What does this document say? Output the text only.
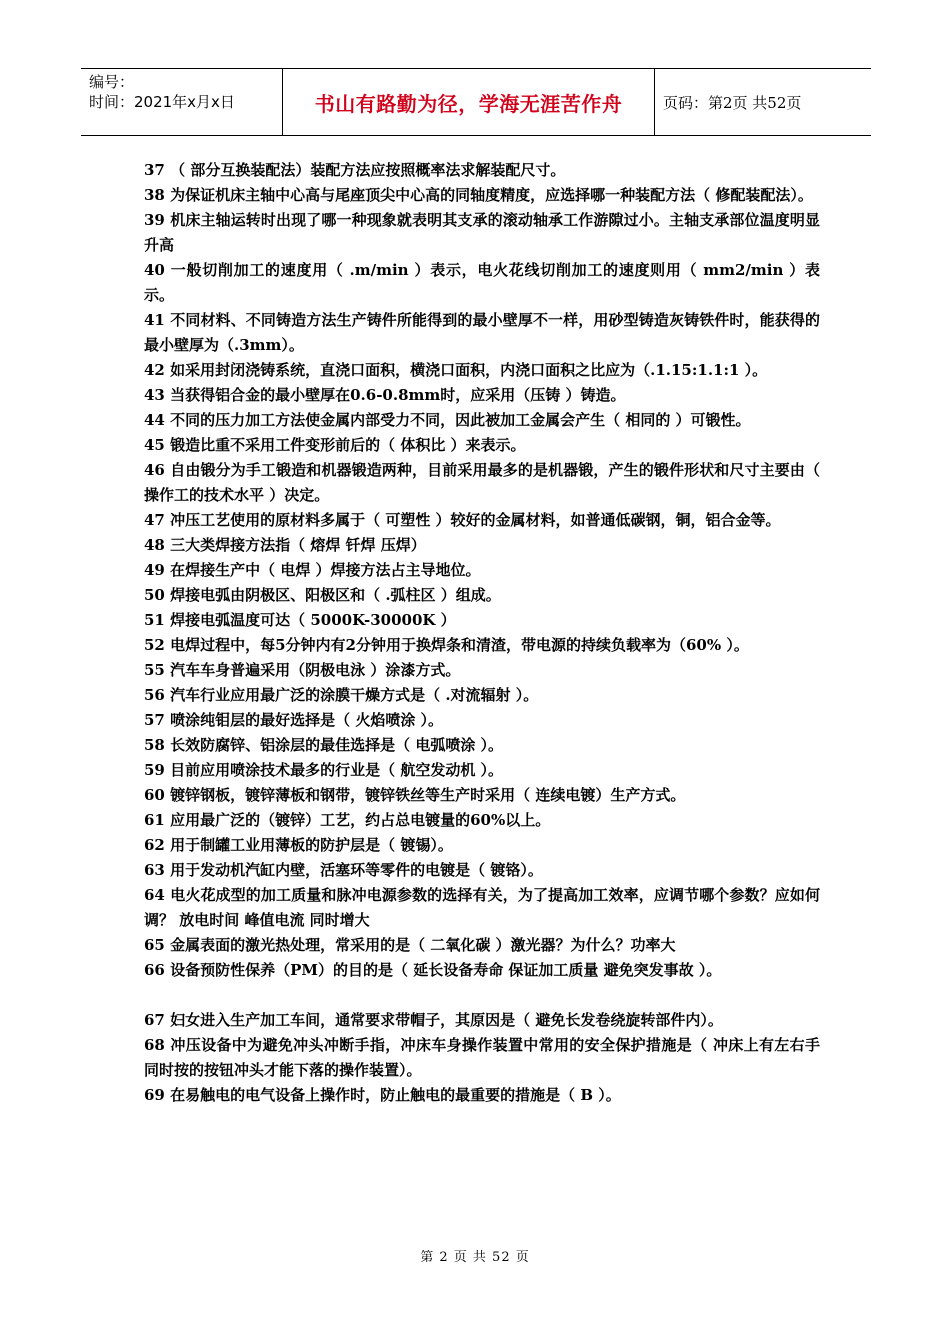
编号：
时间：2021年x月x日	书山有路勤为径，学海无涯苦作舟	页码：第2页 共52页

37 （ 部分互换装配法）装配方法应按照概率法求解装配尺寸。

38 为保证机床主轴中心高与尾座顶尖中心高的同轴度精度，应选择哪一种装配方法（ 修配装配法）。

39 机床主轴运转时出现了哪一种现象就表明其支承的滚动轴承工作游隙过小。主轴支承部位温度明显升高

40 一般切削加工的速度用（ .m/min ）表示，电火花线切削加工的速度则用（ mm2/min ）表示。

41 不同材料、不同铸造方法生产铸件所能得到的最小壁厚不一样，用砂型铸造灰铸铁件时，能获得的最小壁厚为（.3mm）。

42 如采用封闭浇铸系统，直浇口面积，横浇口面积，内浇口面积之比应为（.1.15:1.1:1 ）。

43 当获得铝合金的最小壁厚在0.6-0.8mm时，应采用（压铸 ）铸造。

44 不同的压力加工方法使金属内部受力不同，因此被加工金属会产生（ 相同的 ）可锻性。

45 锻造比重不采用工件变形前后的（ 体积比 ）来表示。

46 自由锻分为手工锻造和机器锻造两种，目前采用最多的是机器锻，产生的锻件形状和尺寸主要由（ 操作工的技术水平 ）决定。

47 冲压工艺使用的原材料多属于（ 可塑性 ）较好的金属材料，如普通低碳钢，铜，铝合金等。

48 三大类焊接方法指（ 熔焊 钎焊 压焊）

49 在焊接生产中（ 电焊 ）焊接方法占主导地位。

50 焊接电弧由阴极区、阳极区和（ .弧柱区 ）组成。

51 焊接电弧温度可达（ 5000K-30000K ）

52 电焊过程中，每5分钟内有2分钟用于换焊条和清渣，带电源的持续负载率为（60% ）。

55 汽车车身普遍采用（阴极电泳 ）涂漆方式。

56 汽车行业应用最广泛的涂膜干燥方式是（ .对流辐射 ）。

57 喷涂纯钼层的最好选择是（ 火焰喷涂 ）。

58 长效防腐锌、铝涂层的最佳选择是（ 电弧喷涂 ）。

59 目前应用喷涂技术最多的行业是（ 航空发动机 ）。

60 镀锌钢板，镀锌薄板和钢带，镀锌铁丝等生产时采用（ 连续电镀）生产方式。

61 应用最广泛的（镀锌）工艺，约占总电镀量的60%以上。

62 用于制罐工业用薄板的防护层是（ 镀锡）。

63 用于发动机汽缸内壁，活塞环等零件的电镀是（ 镀铬）。

64 电火花成型的加工质量和脉冲电源参数的选择有关，为了提高加工效率，应调节哪个参数？应如何调？ 放电时间 峰值电流 同时增大

65 金属表面的激光热处理，常采用的是（ 二氧化碳 ）激光器？为什么？功率大

66 设备预防性保养（PM）的目的是（ 延长设备寿命 保证加工质量 避免突发事故 ）。

67 妇女进入生产加工车间，通常要求带帽子，其原因是（ 避免长发卷绕旋转部件内）。

68 冲压设备中为避免冲头冲断手指，冲床车身操作装置中常用的安全保护措施是（ 冲床上有左右手同时按的按钮冲头才能下落的操作装置）。

69 在易触电的电气设备上操作时，防止触电的最重要的措施是（ B ）。

第 2 页 共 52 页
